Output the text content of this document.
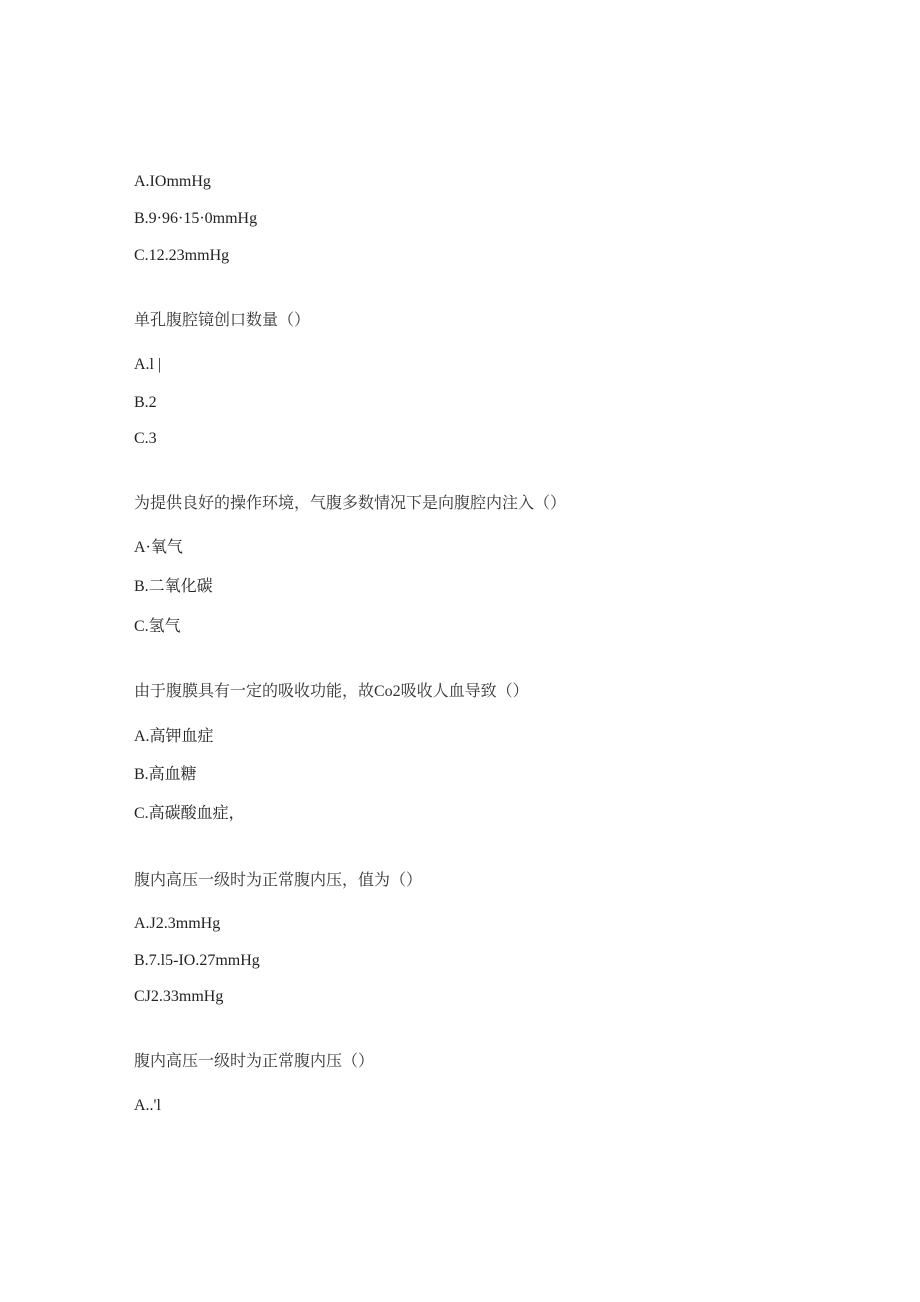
A.IOmmHg
B.9·96·15·0mmHg
C.12.23mmHg
单孔腹腔镜创口数量（）
A.l |
B.2
C.3
为提供良好的操作环境，气腹多数情况下是向腹腔内注入（）
A·氧气
B.二氧化碳
C.氢气
由于腹膜具有一定的吸收功能，故Co2吸收人血导致（）
A.高钾血症
B.高血糖
C.高碳酸血症，
腹内高压一级时为正常腹内压，值为（）
A.J2.3mmHg
B.7.l5-IO.27mmHg
CJ2.33mmHg
腹内高压一级时为正常腹内压（）
A..'l
